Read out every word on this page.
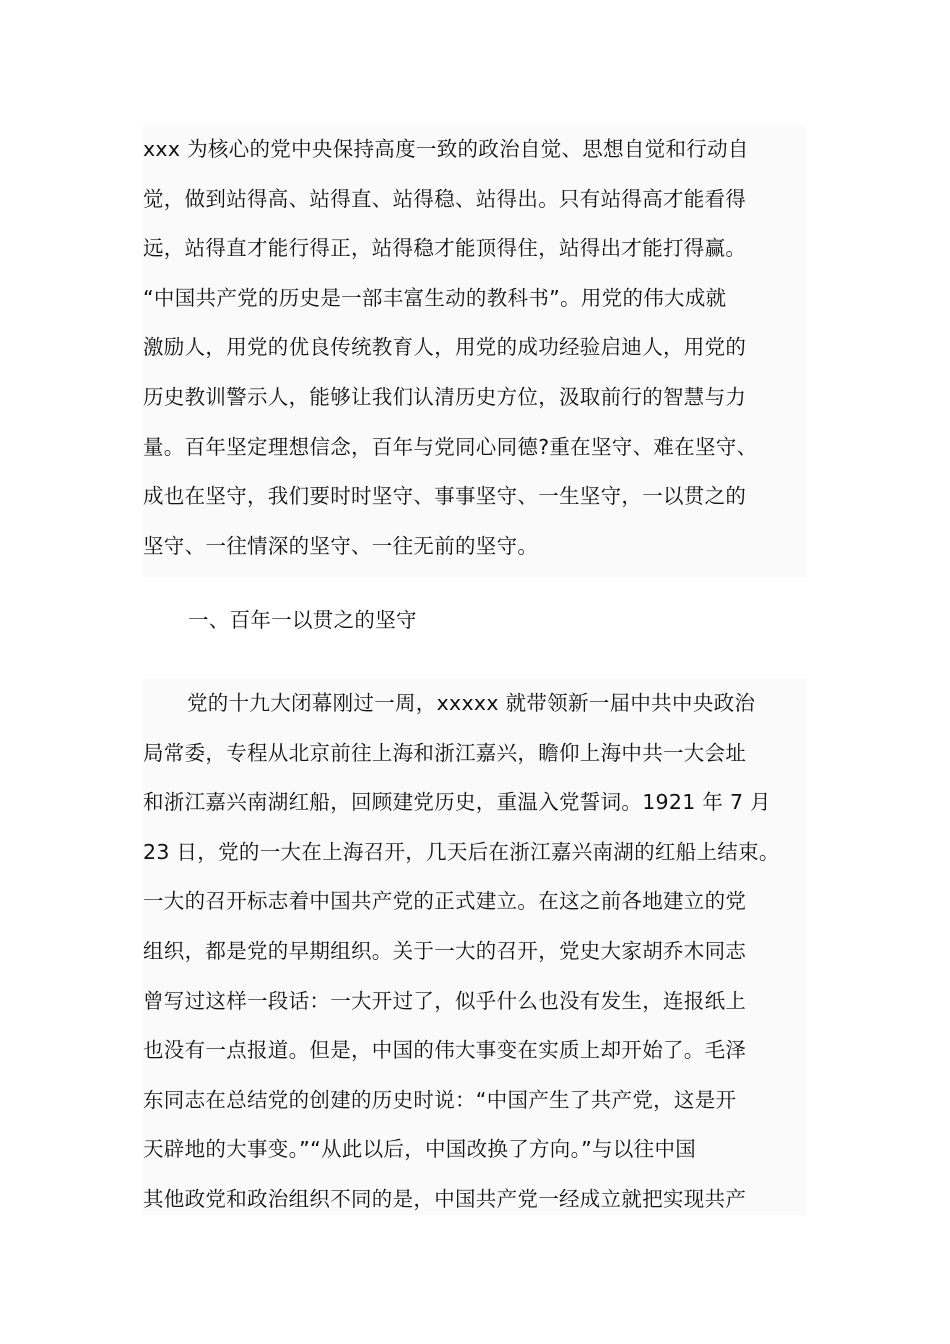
xxx 为核心的党中央保持高度一致的政治自觉、思想自觉和行动自
觉，做到站得高、站得直、站得稳、站得出。只有站得高才能看得
远，站得直才能行得正，站得稳才能顶得住，站得出才能打得赢。
“中国共产党的历史是一部丰富生动的教科书”。用党的伟大成就
激励人，用党的优良传统教育人，用党的成功经验启迪人，用党的
历史教训警示人，能够让我们认清历史方位，汲取前行的智慧与力
量。百年坚定理想信念，百年与党同心同德?重在坚守、难在坚守、
成也在坚守，我们要时时坚守、事事坚守、一生坚守，一以贯之的
坚守、一往情深的坚守、一往无前的坚守。
一、百年一以贯之的坚守
党的十九大闭幕刚过一周，xxxxx 就带领新一届中共中央政治
局常委，专程从北京前往上海和浙江嘉兴，瞻仰上海中共一大会址
和浙江嘉兴南湖红船，回顾建党历史，重温入党誓词。1921 年 7 月
23 日，党的一大在上海召开，几天后在浙江嘉兴南湖的红船上结束。
一大的召开标志着中国共产党的正式建立。在这之前各地建立的党
组织，都是党的早期组织。关于一大的召开，党史大家胡乔木同志
曾写过这样一段话：一大开过了，似乎什么也没有发生，连报纸上
也没有一点报道。但是，中国的伟大事变在实质上却开始了。毛泽
东同志在总结党的创建的历史时说：“中国产生了共产党，这是开
天辟地的大事变。”“从此以后，中国改换了方向。”与以往中国
其他政党和政治组织不同的是，中国共产党一经成立就把实现共产
